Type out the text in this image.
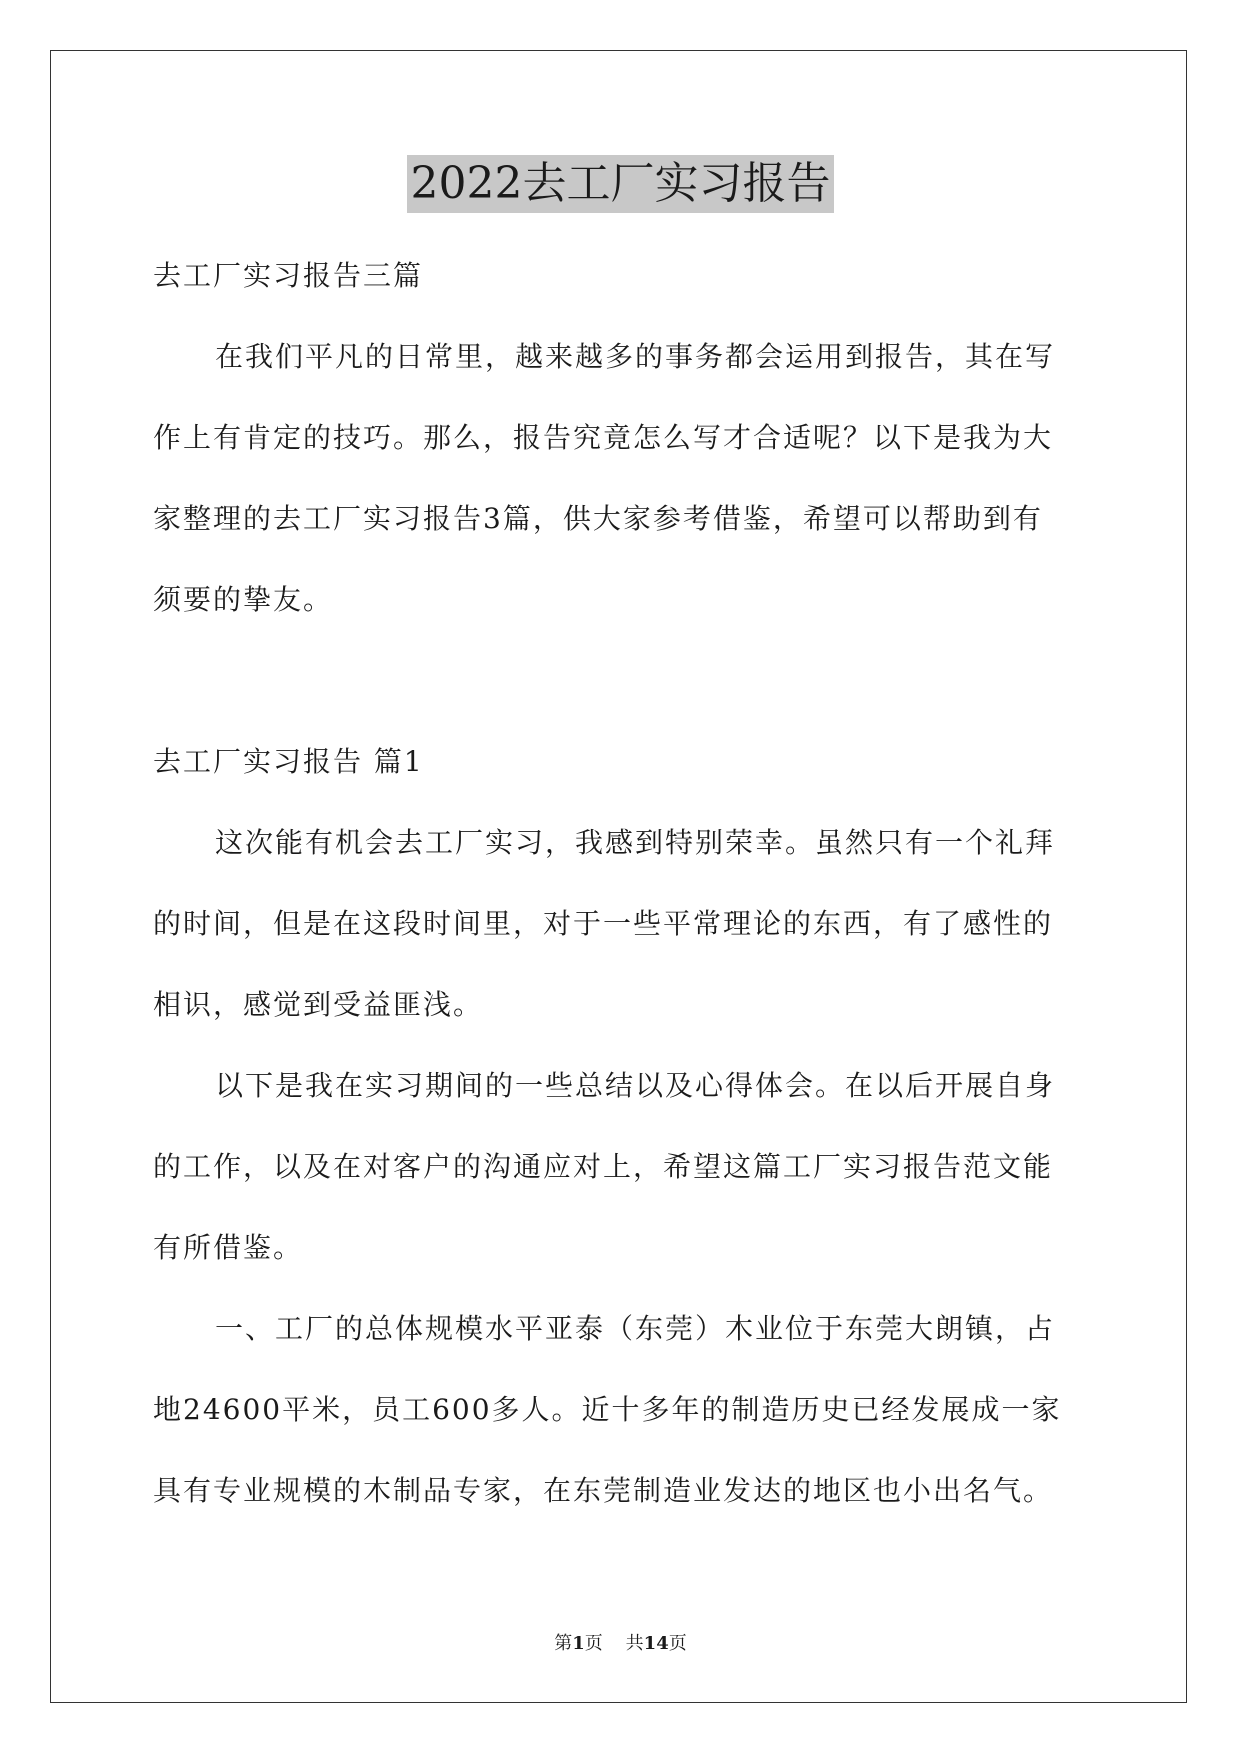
2022去工厂实习报告
去工厂实习报告三篇
在我们平凡的日常里，越来越多的事务都会运用到报告，其在写
作上有肯定的技巧。那么，报告究竟怎么写才合适呢？以下是我为大
家整理的去工厂实习报告3篇，供大家参考借鉴，希望可以帮助到有
须要的挚友。
去工厂实习报告 篇1
这次能有机会去工厂实习，我感到特别荣幸。虽然只有一个礼拜
的时间，但是在这段时间里，对于一些平常理论的东西，有了感性的
相识，感觉到受益匪浅。
以下是我在实习期间的一些总结以及心得体会。在以后开展自身
的工作，以及在对客户的沟通应对上，希望这篇工厂实习报告范文能
有所借鉴。
一、工厂的总体规模水平亚泰（东莞）木业位于东莞大朗镇，占
地24600平米，员工600多人。近十多年的制造历史已经发展成一家
具有专业规模的木制品专家，在东莞制造业发达的地区也小出名气。
第1页 共14页
